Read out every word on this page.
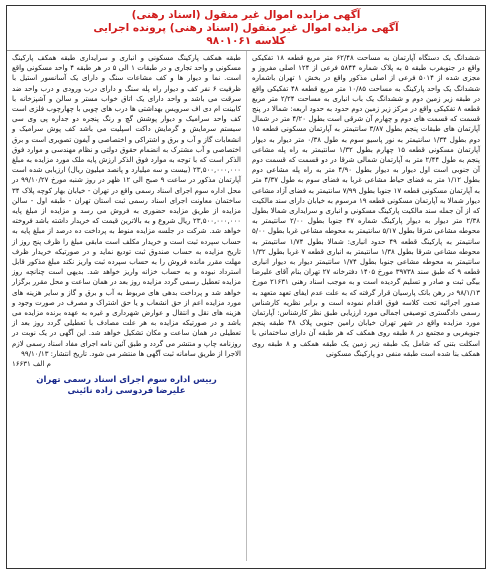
آگهی مزایده اموال غیر منقول (اسناد رهنی)
آگهی مزایده اموال غیر منقول (اسناد رهنی) پرونده اجرایی
کلاسه ۹۸۰۱۰۶۱
ششدانگ یک دستگاه آپارتمان به مساحت ۶۲/۴۸ متر مربع قطعه ۱۸ تفکیکی واقع در جنوبغرب طبقه ۵ به پلاک شماره ۵۸۴۴ فرعی از ۱۲۴ اصلی مفروز و مجزی شده از ۵۰۱۴ فرعی از اصلی مذکور واقع در بخش ۱ تهران باشماره ششدانگ یک واحد پارکینگ به مساحت ۱۰/۸۵ متر مربع قطعه ۴۸ تفکیکی واقع در طبقه زیر زمین دوم و ششدانگ یک باب انباری به مساحت ۲/۲۴ متر مربع قطعه ۸ تفکیکی واقع در مرکز زیر زمین دوم حدود به حدود اربعه: شمالا در پنج قسمت که قسمت های دوم و چهارم آن شرقی است بطول ۴/۲۰ متر در شمال آپارتمان های طبقات پنجم بطول ۳/۸۷ سانتیمتر به آپارتمان مسکونی قطعه ۱۵ دوم بطول ۱/۳۴ سانتیمتر به نور پاسیو سوم به طول ۰/۳۸ متر دیوار به دیوار آپارتمان مسکونی قطعه ۱۵ چهارم بطول ۱/۳۲ سانتیمتر به راه پله مشاعی پنجم به طول ۲/۴۴ متر به آپارتمان شمالی شرقا در دو قسمت که قسمت دوم آن جنوبی است اول دیوار به دیوار بطول ۴/۹۰ متر به راه پله مشاعی دوم بطول ۱/۱۲ متر به فضای حیاط مشاعی غربا به فضای سوم به طول ۴/۳۷ متر به آپارتمان مسکونی قطعه ۱۷ جنوبا بطول ۷/۹۹ سانتیمتر به فضای آزاد مشاعی دیوار شمالا به آپارتمان مسکونی قطعه ۱۹ مرسوم به خیابان دارای سند مالکیت که از آن جمله سند مالکیت پارکینگ مسکونی و انباری و سرایداری شمالا بطول ۲/۳۸ متر دیوار به دیوار پارکینگ شماره ۴۷ جنوبا بطول ۲/۰۰ سانتیمتر به محوطه مشاعی شرقا بطول ۵/۱۷ سانتیمتر به محوطه مشاعی غربا بطول ۵/۰۰ سانتیمتر به پارکینگ قطعه ۴۹ حدود انباری: شمالا بطول ۱/۷۴ سانتیمتر به محوطه مشاعی شرقا بطول ۱/۳۸ سانتیمتر به انباری قطعه ۷ غربا بطول ۱/۳۲ سانتیمتر به محوطه مشاعی جنوبا بطول ۱/۷۴ سانتیمتر دیوار به دیوار انباری قطعه ۹ که طبق سند ۳۹۷۳۸ مورخ ۱۴۰۵ دفترخانه ۲۷ تهران بنام آقای علیرضا بیگی ثبت و صادر و تسلیم گردیده است و به موجب اسناد رهنی ۲۱۶۳۱ مورخ ۹۸/۱/۱۳ در رهن بانک پارسیان قرار گرفته که به علت عدم ایفای تعهد متعهد به صدور اجرائیه تحت کلاسه فوق اقدام نموده است و برابر نظریه کارشناس رسمی دادگستری توصیفی اجمالی مورد ارزیابی طبق نظر کارشناس: آپارتمان مورد مزایده واقع در شهر تهران خیابان رامین جنوبی پلاک ۴۸ طبقه پنجم جنوبغربی و مجتمع در ۸ طبقه روی همکف که هر طبقه آن دارای ساختمانی با اسکلت بتنی که شامل یک طبقه زیر زمین یک طبقه همکف و ۸ طبقه روی همکف بنا شده است طبقه منفی دو پارکینگ مسکونی
طبقه همکف پارکینگ مسکونی و انباری و سرایداری طبقه همکف پارکینگ مسکونی و واحد تجاری و در طبقات ۱ الی ۵ در هر طبقه ۴ واحد مسکونی واقع است. نما و دیوار ها و کف مشاعات سنگ و دارای یک آسانسور استیل با ظرفیت ۶ نفر کف و دیوار راه پله سنگ و دارای درب ورودی و درب واحد ضد سرقت می باشد و واحد دارای یک اتاق خواب مستر و سالن و آشپزخانه با کابینت ام دی اف سرویس بهداشتی ها درب های چوبی با چهارچوب فلزی است کف واحد سرامیک و دیوار پوشش گچ و رنگ پنجره دو جداره پی وی سی سیستم سرمایش و گرمایش داکت اسپلیت می باشد کف پوش سرامیک و انشعابات گاز و آب و برق و اشتراکی و اختصاصی و آیفون تصویری است و برق اختصاصی و آب مشترک به انضمام حقوق دولتی و نظام مهندسی و موارد فوق الذکر است که با توجه به موارد فوق الذکر ارزش پایه ملک مورد مزایده به مبلغ ۲۳,۵۰۰,۰۰۰,۰۰۰ (بیست و سه میلیارد و پانصد میلیون ریال) ارزیابی شده است آپارتمان مذکور در ساعت ۹ صبح الی ۱۲ ظهر در روز شنبه مورخ ۹۹/۱۰/۲۷ در محل اداره سوم اجرای اسناد رسمی واقع در تهران - خیابان بهار کوچه پلاک ۳۴ ساختمان معاونت اجرای اسناد رسمی ثبت استان تهران - طبقه اول - سالن مزایده از طریق مزایده حضوری به فروش می رسد و مزایده از مبلغ پایه ۲۳,۵۰۰,۰۰۰,۰۰۰ ریال شروع و به بالاترین قیمت که خریدار داشته باشد فروخته خواهد شد. شرکت در جلسه مزایده منوط به پرداخت ده درصد از مبلغ پایه به حساب سپرده ثبت است و خریدار مکلف است مابقی مبلغ را ظرف پنج روز از تاریخ مزایده به حساب صندوق ثبت تودیع نماید و در صورتیکه خریدار ظرف مهلت مقرر مانده فروش را به حساب سپرده ثبت واریز نکند مبلغ مذکور قابل استرداد نبوده و به حساب خزانه واریز خواهد شد. بدیهی است چنانچه روز مزایده تعطیل رسمی گردد مزایده روز بعد در همان ساعت و محل مقرر برگزار خواهد شد و پرداخت بدهی های مربوط به آب و برق و گاز و سایر هزینه های مورد مزایده اعم از حق انشعاب و یا حق اشتراک و مصرف در صورت وجود و هزینه های نقل و انتقال و عوارض شهرداری و غیره به عهده برنده مزایده می باشد و در صورتیکه مزایده به هر علت مصادف با تعطیلی گردد روز بعد از تعطیلی در همان ساعت و مکان تشکیل خواهد شد. این آگهی در یک نوبت در روزنامه چاپ و منتشر می گردد و طبق آئین نامه اجرای مفاد اسناد رسمی لازم الاجرا از طریق سامانه ثبت آگهی ها منتشر می شود. تاریخ انتشار: ۹۹/۱۰/۱۳
م الف ۱۶۶۳۱
رییس اداره سوم اجرای اسناد رسمی تهران
علیرضا فردوسی زاده نائینی
